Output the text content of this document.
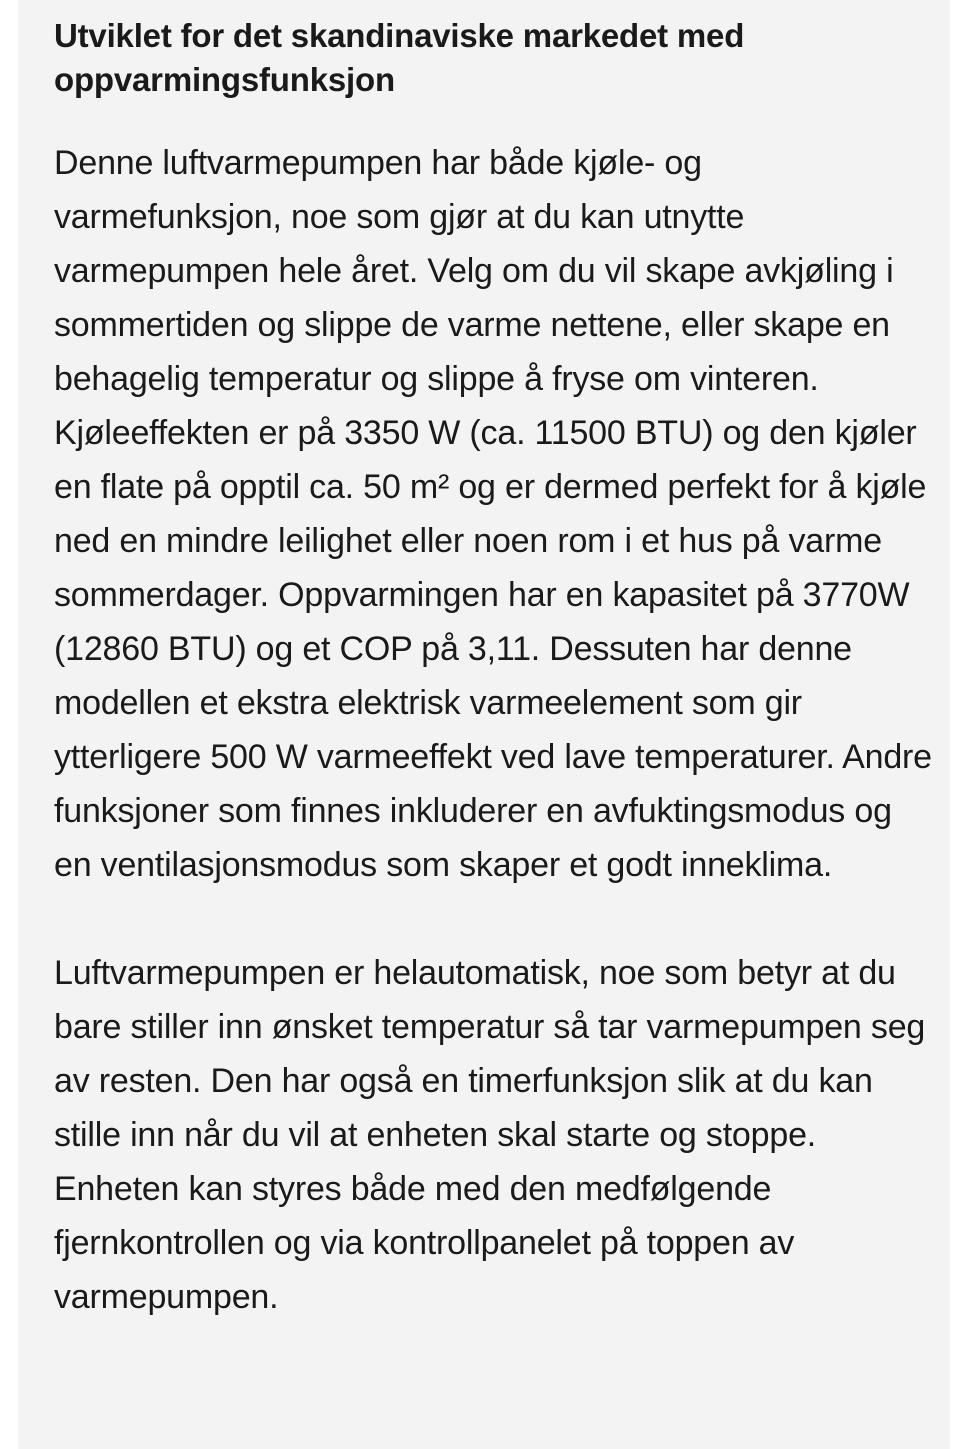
Utviklet for det skandinaviske markedet med oppvarmingsfunksjon

Denne luftvarmepumpen har både kjøle- og varmefunksjon, noe som gjør at du kan utnytte varmepumpen hele året. Velg om du vil skape avkjøling i sommertiden og slippe de varme nettene, eller skape en behagelig temperatur og slippe å fryse om vinteren. Kjøleeffekten er på 3350 W (ca. 11500 BTU) og den kjøler en flate på opptil ca. 50 m² og er dermed perfekt for å kjøle ned en mindre leilighet eller noen rom i et hus på varme sommerdager. Oppvarmingen har en kapasitet på 3770W (12860 BTU) og et COP på 3,11. Dessuten har denne modellen et ekstra elektrisk varmeelement som gir ytterligere 500 W varmeeffekt ved lave temperaturer. Andre funksjoner som finnes inkluderer en avfuktingsmodus og en ventilasjonsmodus som skaper et godt inneklima.

Luftvarmepumpen er helautomatisk, noe som betyr at du bare stiller inn ønsket temperatur så tar varmepumpen seg av resten. Den har også en timerfunksjon slik at du kan stille inn når du vil at enheten skal starte og stoppe. Enheten kan styres både med den medfølgende fjernkontrollen og via kontrollpanelet på toppen av varmepumpen.
